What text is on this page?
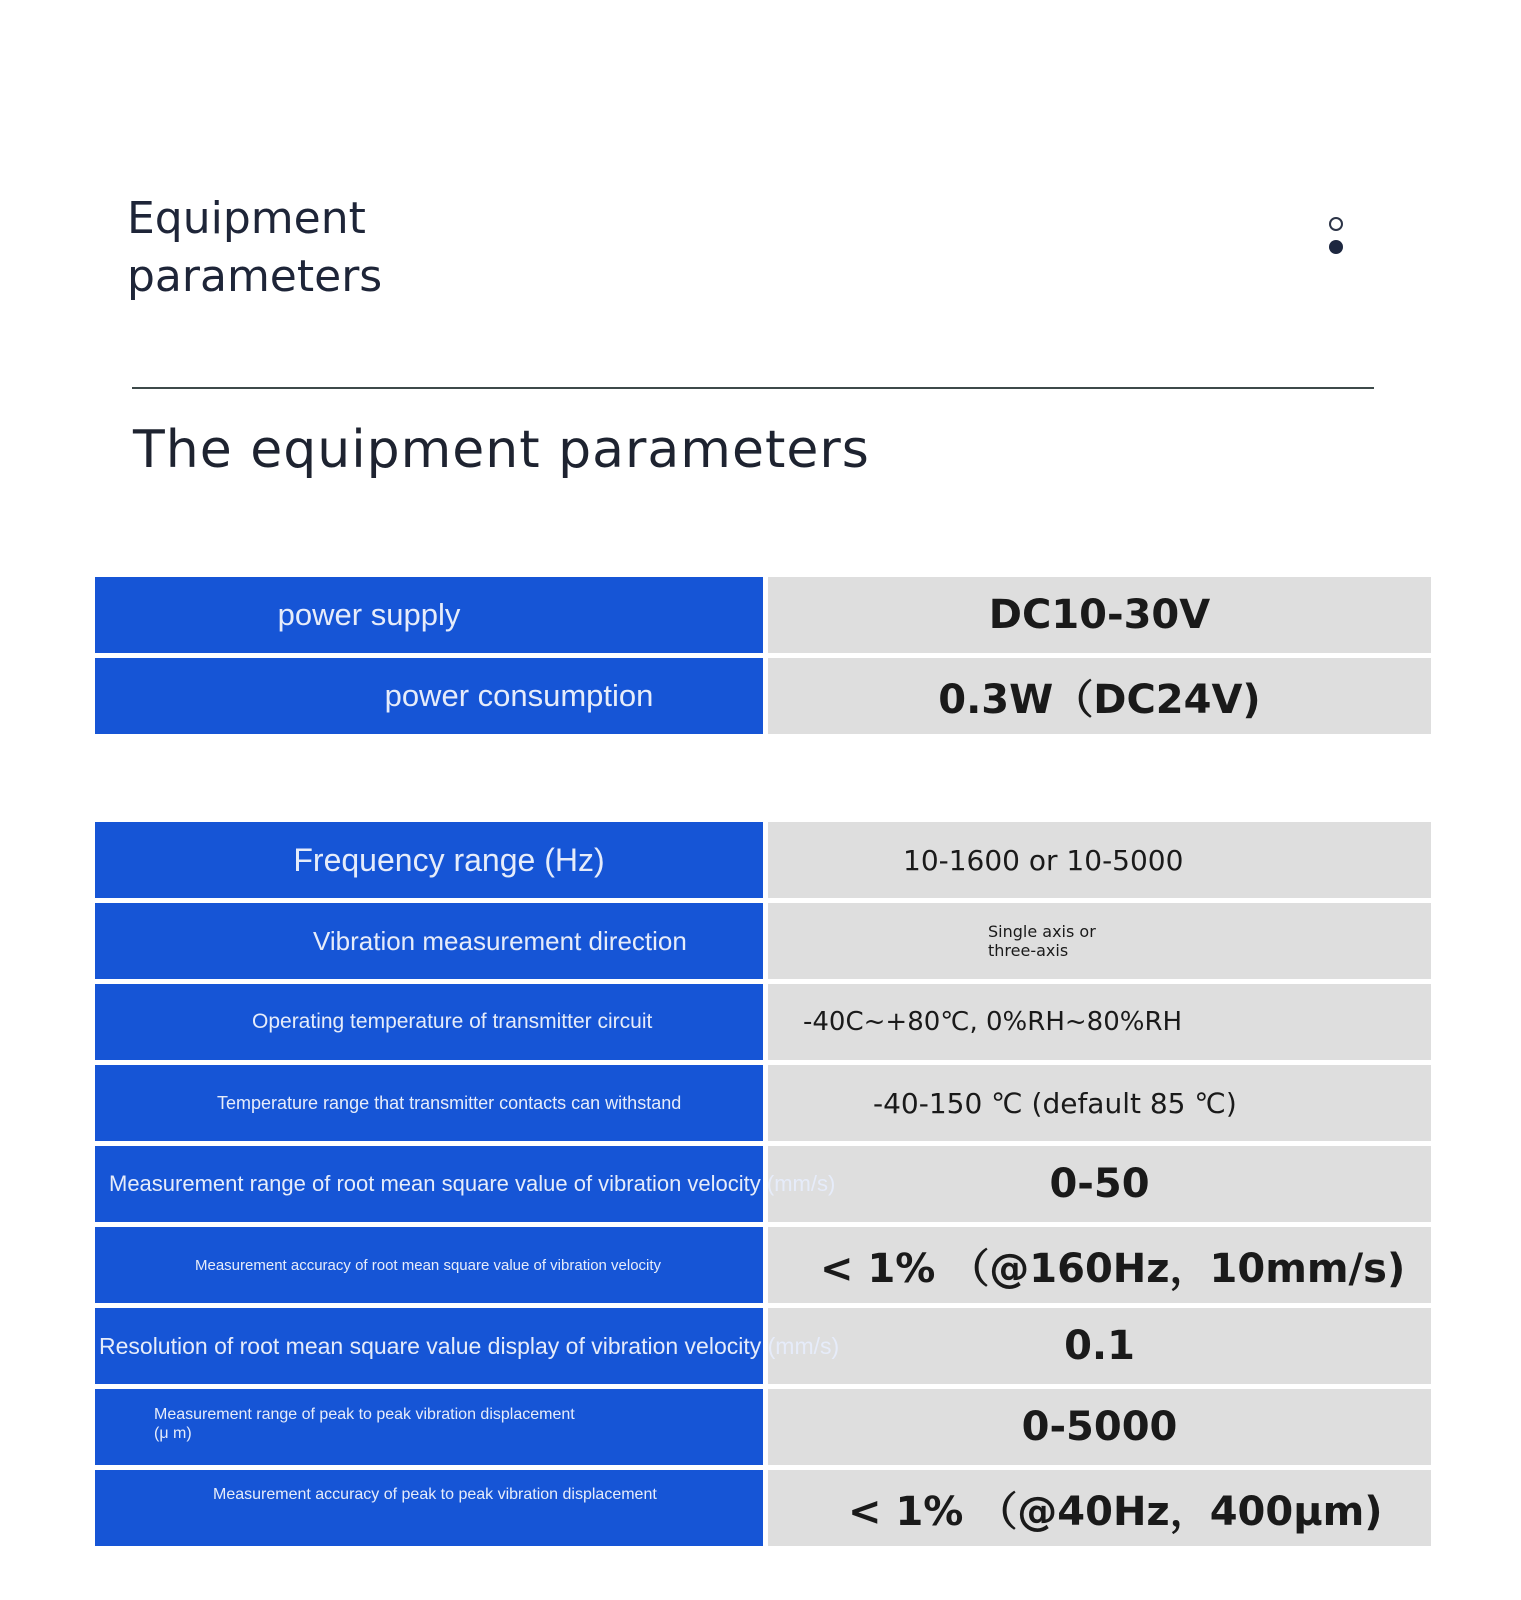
Equipment
parameters
The equipment parameters
power supply	DC10-30V
power consumption	0.3W（DC24V)
Frequency range (Hz)	10-1600 or 10-5000
Vibration measurement direction	Single axis or
three-axis
Operating temperature of transmitter circuit	-40C~+80℃, 0%RH~80%RH
Temperature range that transmitter contacts can withstand	-40-150 ℃ (default 85 ℃)
Measurement range of root mean square value of vibration velocity (mm/s)	0-50
Measurement accuracy of root mean square value of vibration velocity	< 1% （@160Hz，10mm/s)
Resolution of root mean square value display of vibration velocity (mm/s)	0.1
Measurement range of peak to peak vibration displacement
(μ m)	0-5000
Measurement accuracy of peak to peak vibration displacement	< 1% （@40Hz，400μm)
